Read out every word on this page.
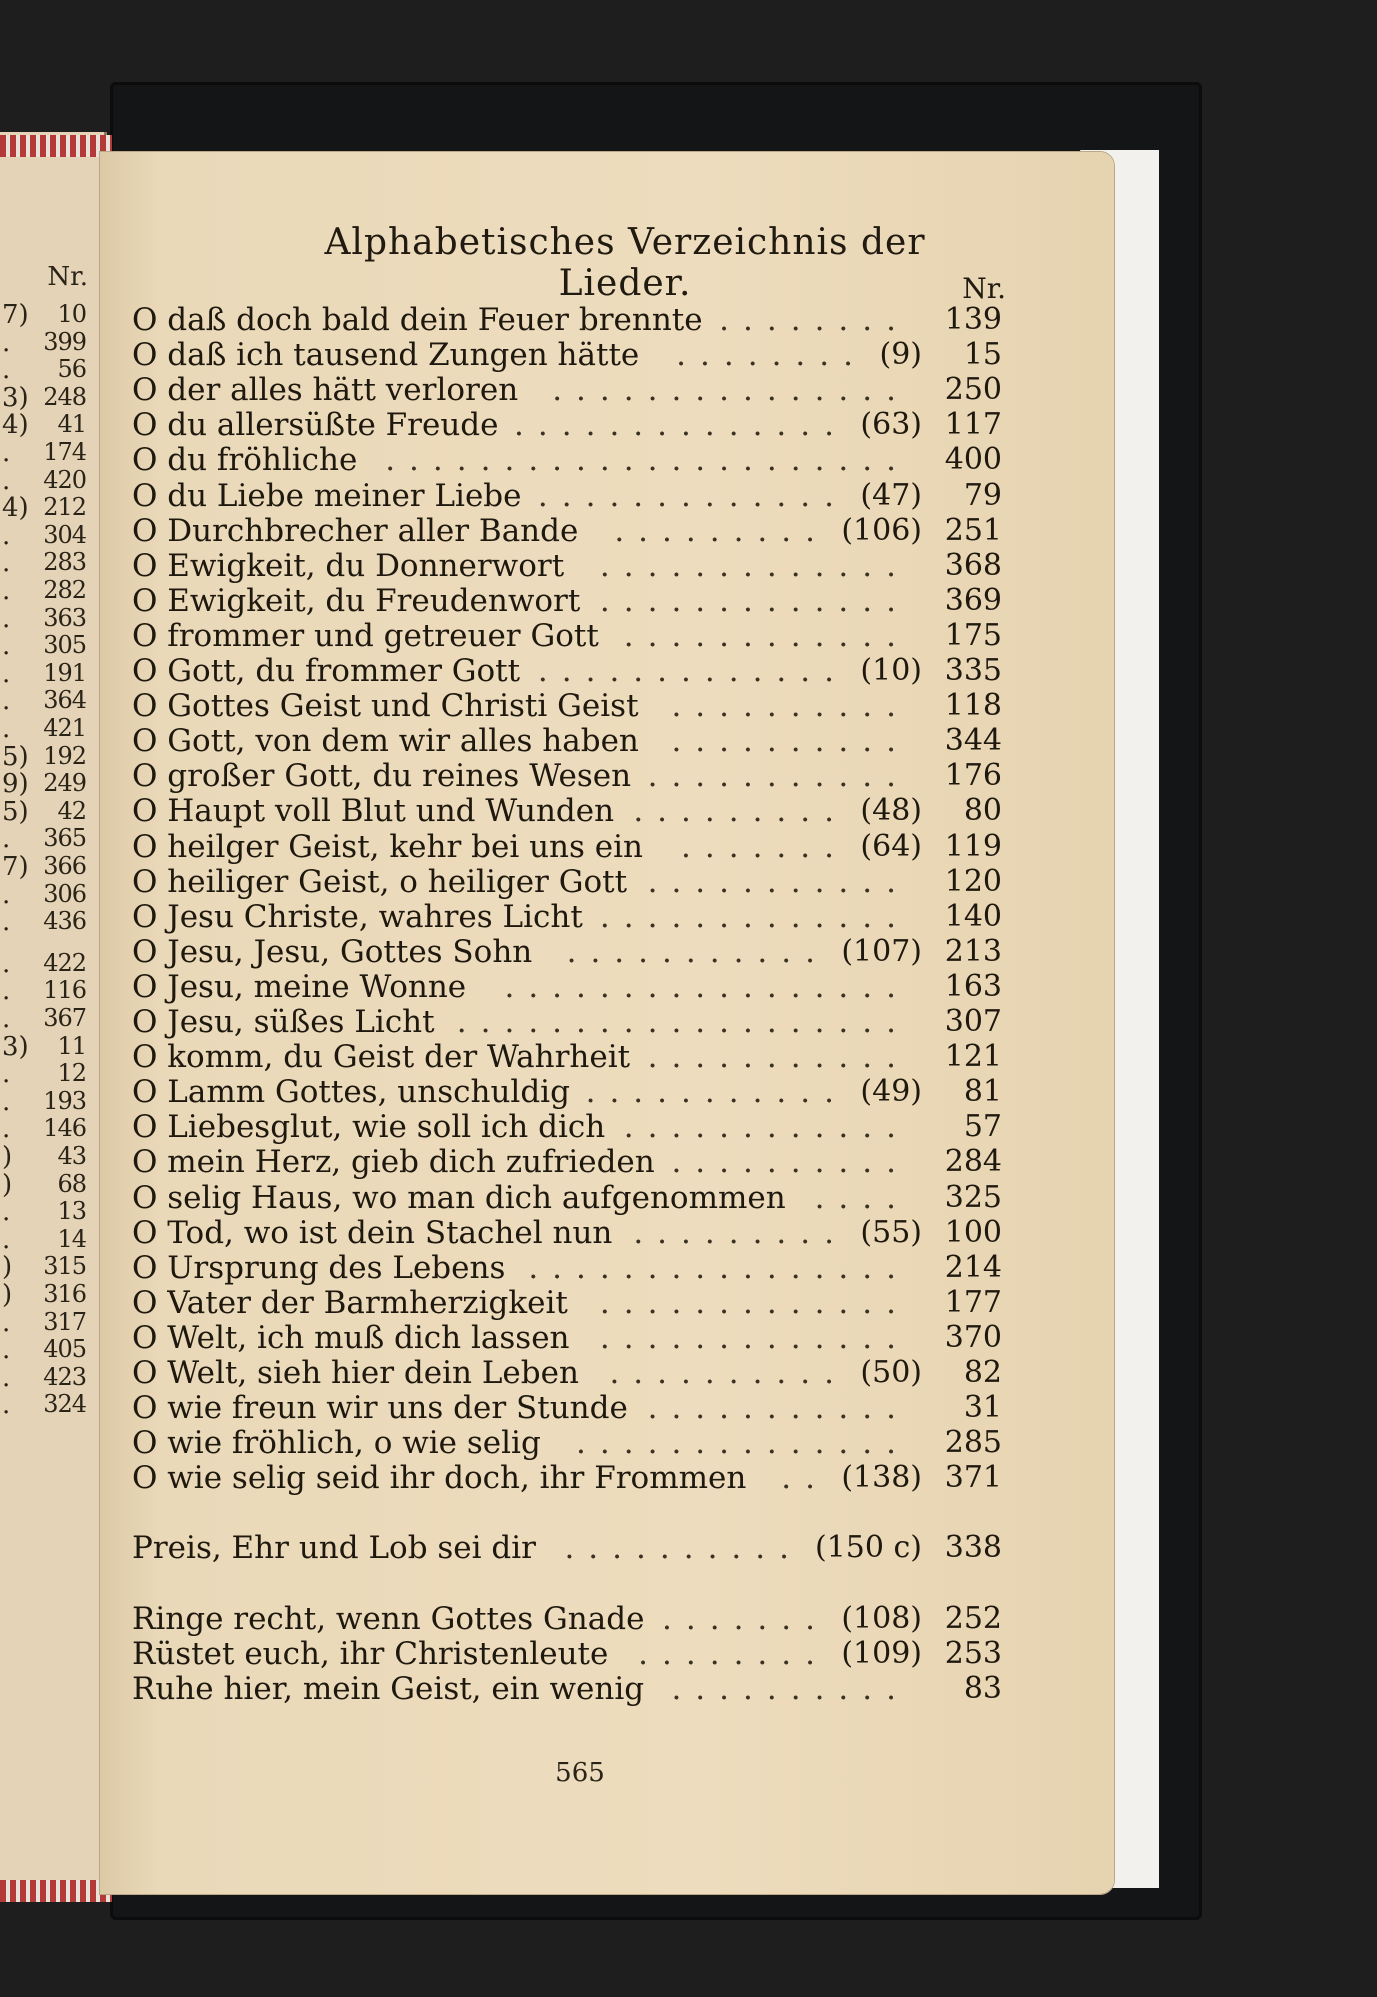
Nr.
7) 10
. 399
. 56
3) 248
4) 41
. 174
. 420
4) 212
. 304
. 283
. 282
. 363
. 305
. 191
. 364
. 421
5) 192
9) 249
5) 42
. 365
7) 366
. 306
. 436
. 422
. 116
. 367
3) 11
. 12
. 193
. 146
) 43
) 68
. 13
. 14
) 315
) 316
. 317
. 405
. 423
. 324
Alphabetisches Verzeichnis der Lieder.	Nr.
O daß doch bald dein Feuer brennte	139
........
O daß ich tausend Zungen hätte	(9) 15
........
O der alles hätt verloren	250
...............
O du allersüßte Freude	(63) 117
..............
O du fröhliche	400
......................
O du Liebe meiner Liebe	(47) 79
.............
O Durchbrecher aller Bande	(106) 251
.........
O Ewigkeit, du Donnerwort	368
.............
O Ewigkeit, du Freudenwort	369
.............
O frommer und getreuer Gott	175
............
O Gott, du frommer Gott	(10) 335
.............
O Gottes Geist und Christi Geist	118
..........
O Gott, von dem wir alles haben	344
..........
O großer Gott, du reines Wesen	176
...........
O Haupt voll Blut und Wunden	(48) 80
.........
O heilger Geist, kehr bei uns ein	(64) 119
.......
O heiliger Geist, o heiliger Gott	120
...........
O Jesu Christe, wahres Licht	140
.............
O Jesu, Jesu, Gottes Sohn	(107) 213
...........
O Jesu, meine Wonne	163
.................
O Jesu, süßes Licht	307
...................
O komm, du Geist der Wahrheit	121
...........
O Lamm Gottes, unschuldig	(49) 81
...........
O Liebesglut, wie soll ich dich	57
............
O mein Herz, gieb dich zufrieden	284
..........
O selig Haus, wo man dich aufgenommen	325
....
O Tod, wo ist dein Stachel nun	(55) 100
.........
O Ursprung des Lebens	214
................
O Vater der Barmherzigkeit	177
.............
O Welt, ich muß dich lassen	370
.............
O Welt, sieh hier dein Leben	(50) 82
..........
O wie freun wir uns der Stunde	31
...........
O wie fröhlich, o wie selig	285
..............
O wie selig seid ihr doch, ihr Frommen	(138) 371
..
Preis, Ehr und Lob sei dir	(150 c) 338
..........
Ringe recht, wenn Gottes Gnade	(108) 252
.......
Rüstet euch, ihr Christenleute	(109) 253
........
Ruhe hier, mein Geist, ein wenig	83
..........
565
